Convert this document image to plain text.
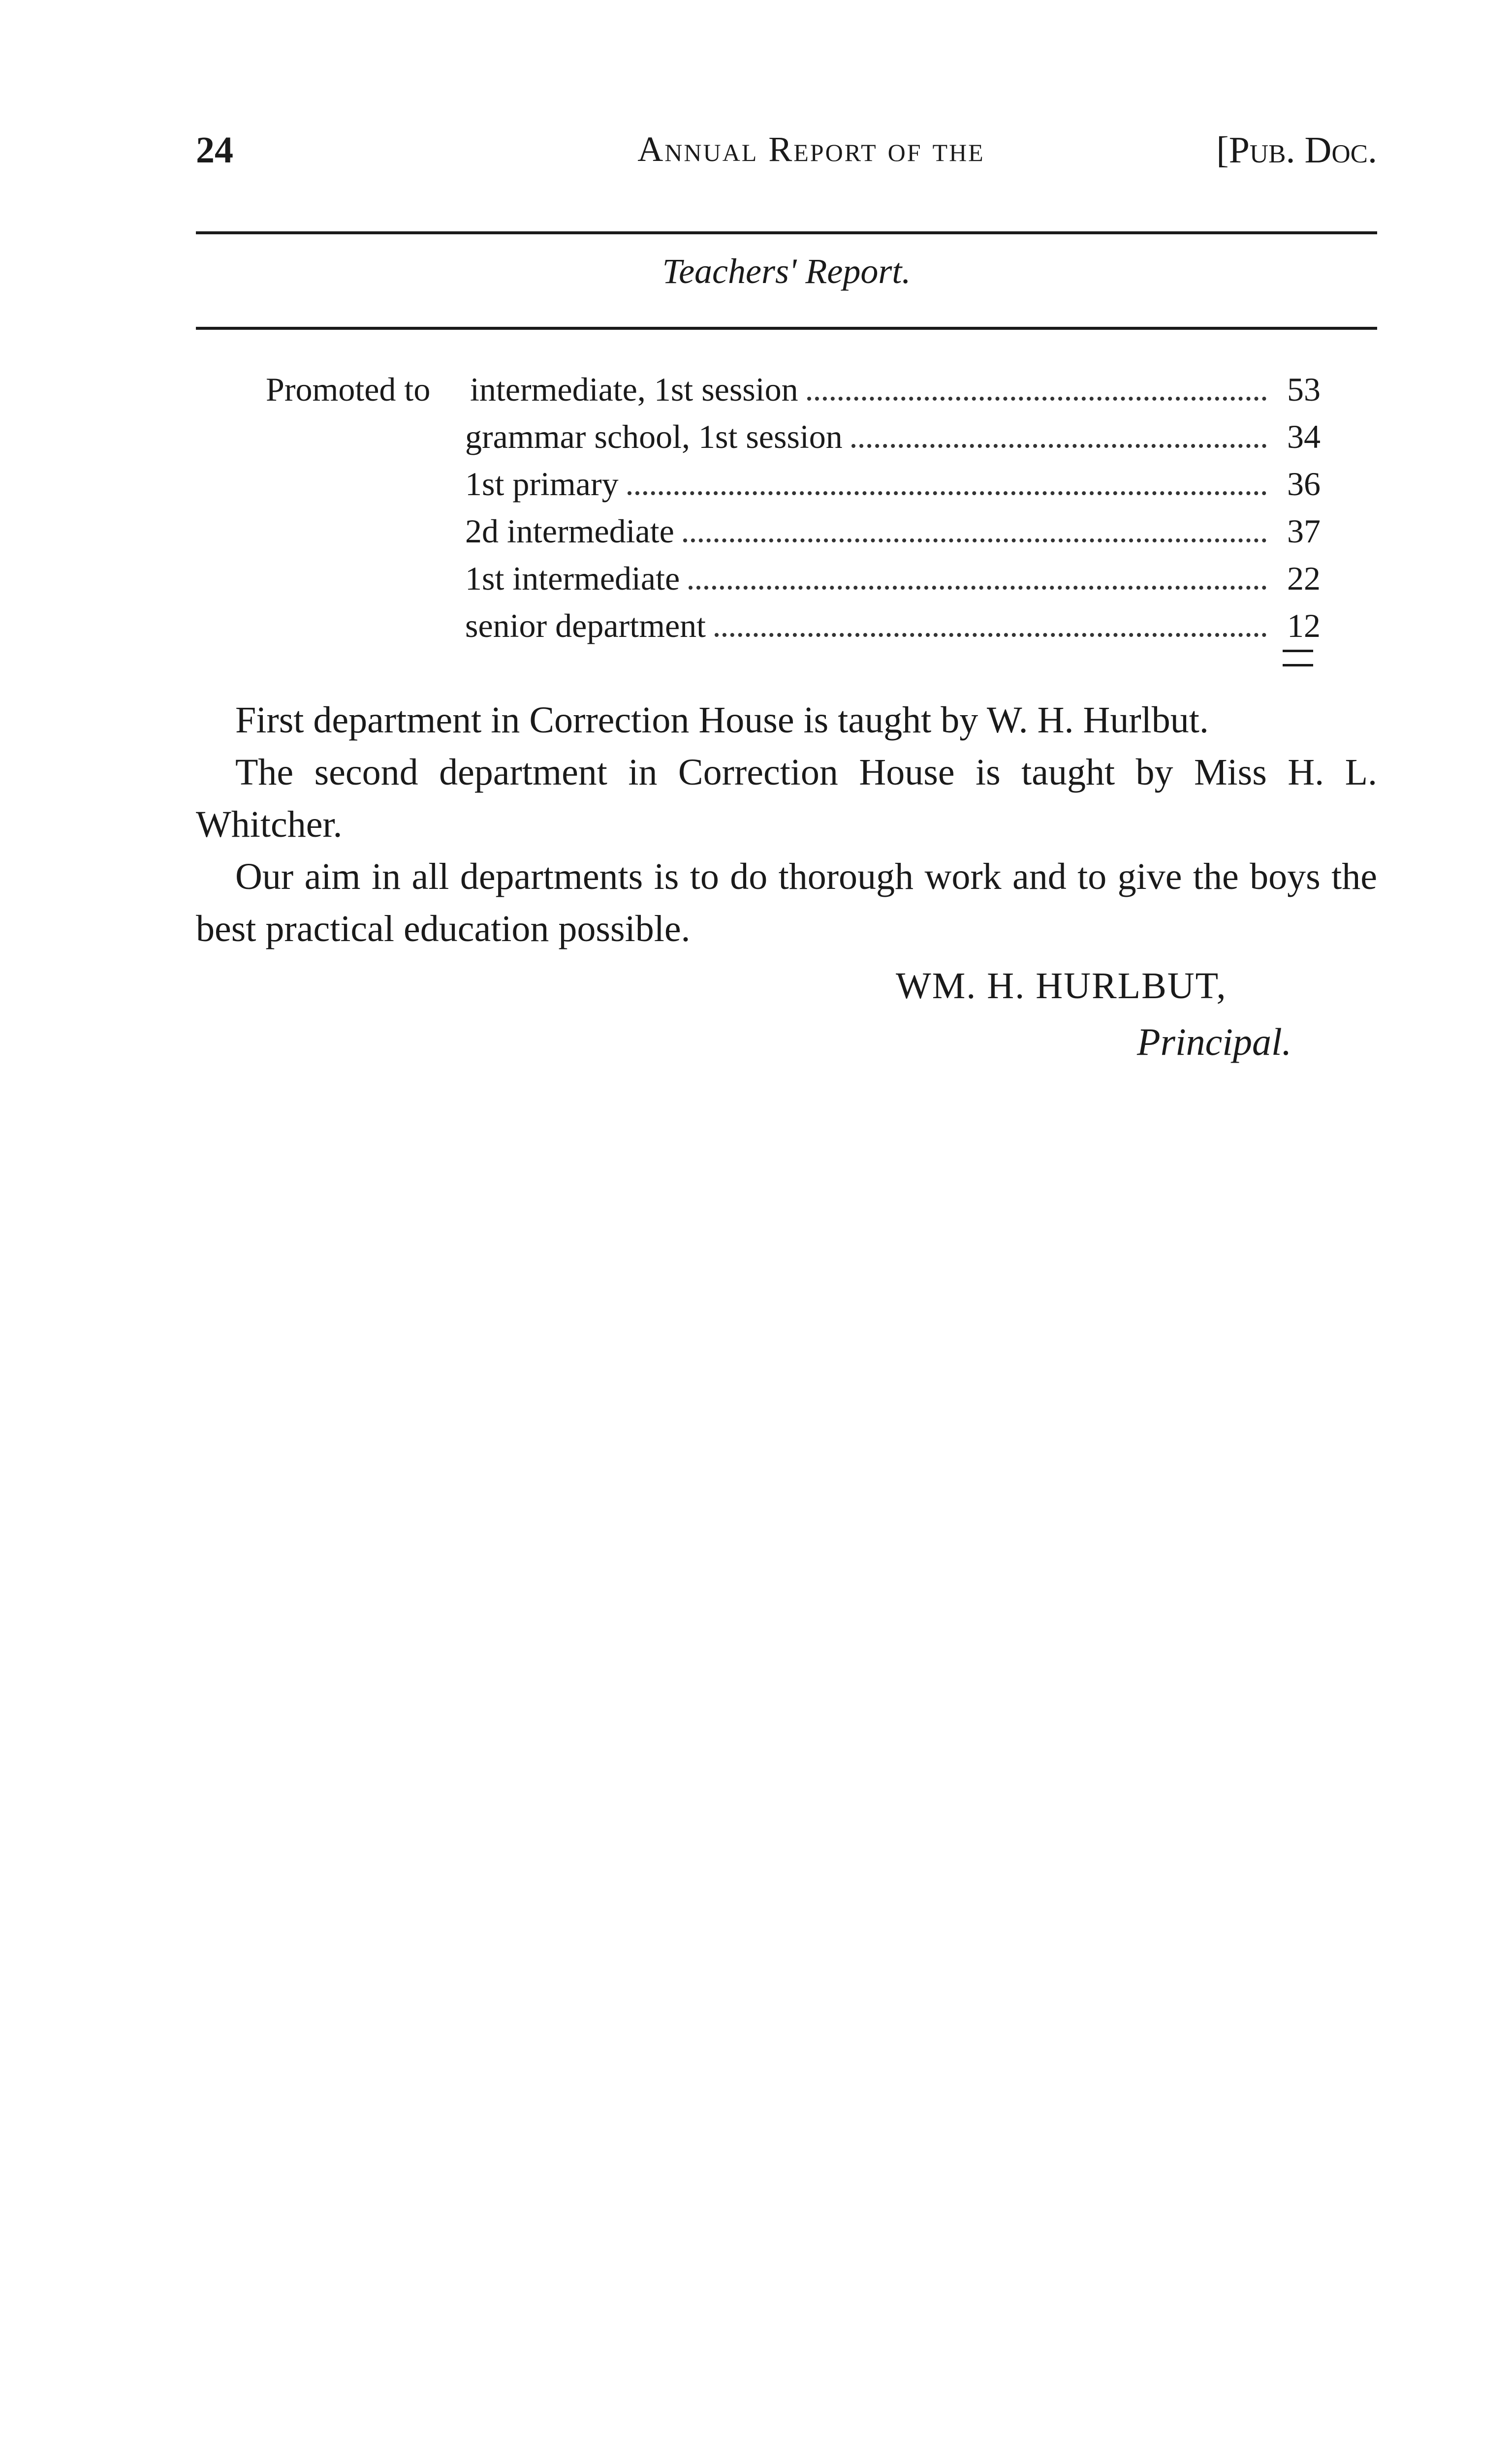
24	Annual Report of the	[Pub. Doc.
Teachers' Report.
Promoted to intermediate, 1st session	53
grammar school, 1st session	34
1st primary	36
2d intermediate	37
1st intermediate	22
senior department	12

First department in Correction House is taught by W. H. Hurlbut.

The second department in Correction House is taught by Miss H. L. Whitcher.

Our aim in all departments is to do thorough work and to give the boys the best practical education possible.

WM. H. HURLBUT,
Principal.
